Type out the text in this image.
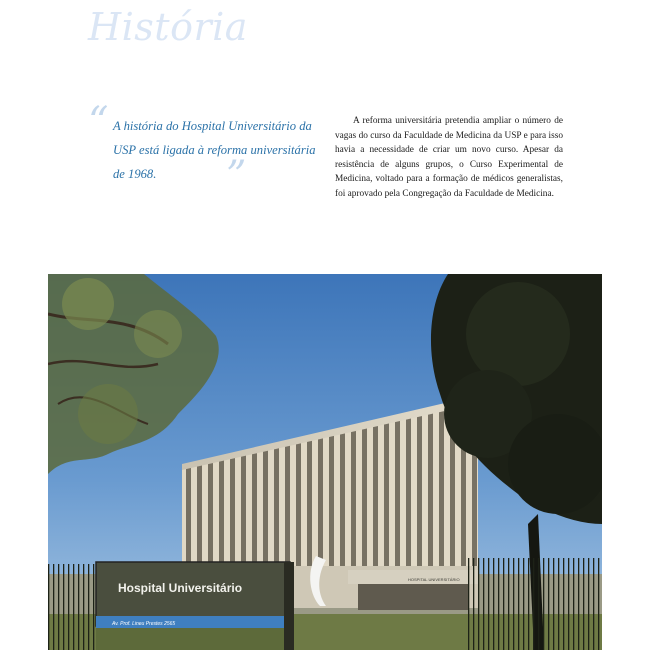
História
“ A história do Hospital Universitário da USP está ligada à reforma universitária de 1968.	”

A reforma universitária pretendia ampliar o número de vagas do curso da Faculdade de Medicina da USP e para isso havia a necessidade de criar um novo curso. Apesar da resistência de alguns grupos, o Curso Experimental de Medicina, voltado para a formação de médicos generalistas, foi aprovado pela Congregação da Faculdade de Medicina.

HOSPITAL UNIVERSITÁRIO
Hospital Universitário
Av. Prof. Lineu Prestes 2565
